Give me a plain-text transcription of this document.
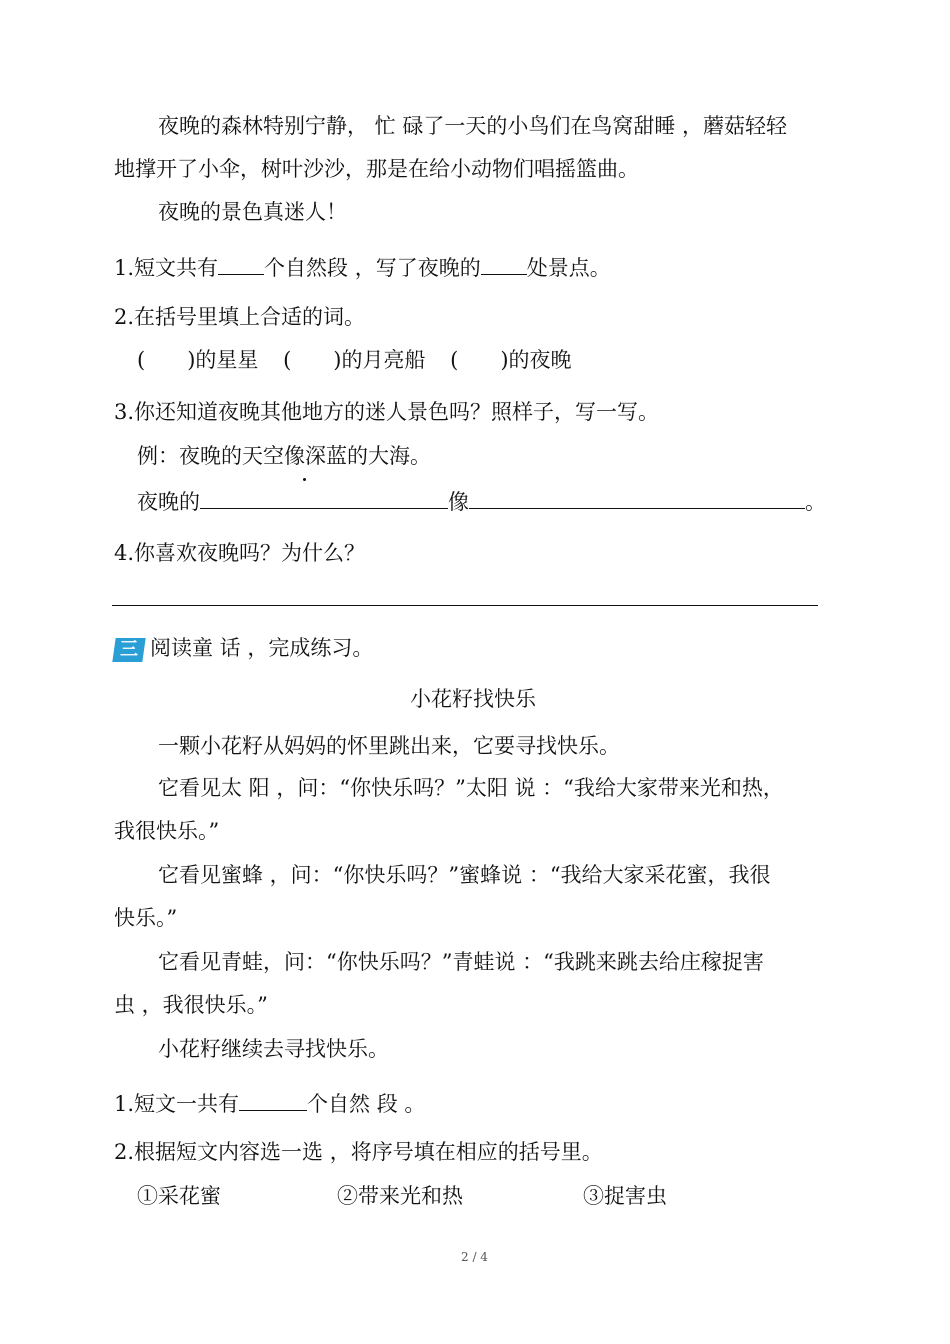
夜晚的森林特别宁静， 忙 碌了一天的小鸟们在鸟窝甜睡 ，蘑菇轻轻
地撑开了小伞，树叶沙沙，那是在给小动物们唱摇篮曲。
夜晚的景色真迷人！
1.短文共有 个自然段 ，写了夜晚的 处景点。
2.在括号里填上合适的词。
(  )的星星 (  )的月亮船 (  )的夜晚
3.你还知道夜晚其他地方的迷人景色吗？照样子，写一写。
例：夜晚的天空像深蓝的大海。
夜晚的	像	。
4.你喜欢夜晚吗？为什么？
三 阅读童 话 ，完成练习。
小花籽找快乐
一颗小花籽从妈妈的怀里跳出来，它要寻找快乐。
它看见太 阳 ，问：“你快乐吗？”太阳 说 ：“我给大家带来光和热，
我很快乐。”
它看见蜜蜂 ，问：“你快乐吗？”蜜蜂说 ：“我给大家采花蜜，我很
快乐。”
它看见青蛙，问：“你快乐吗？”青蛙说 ：“我跳来跳去给庄稼捉害
虫 ，我很快乐。”
小花籽继续去寻找快乐。
1.短文一共有	个自然 段 。
2.根据短文内容选一选 ，将序号填在相应的括号里。
①采花蜜	②带来光和热	③捉害虫
2 / 4
